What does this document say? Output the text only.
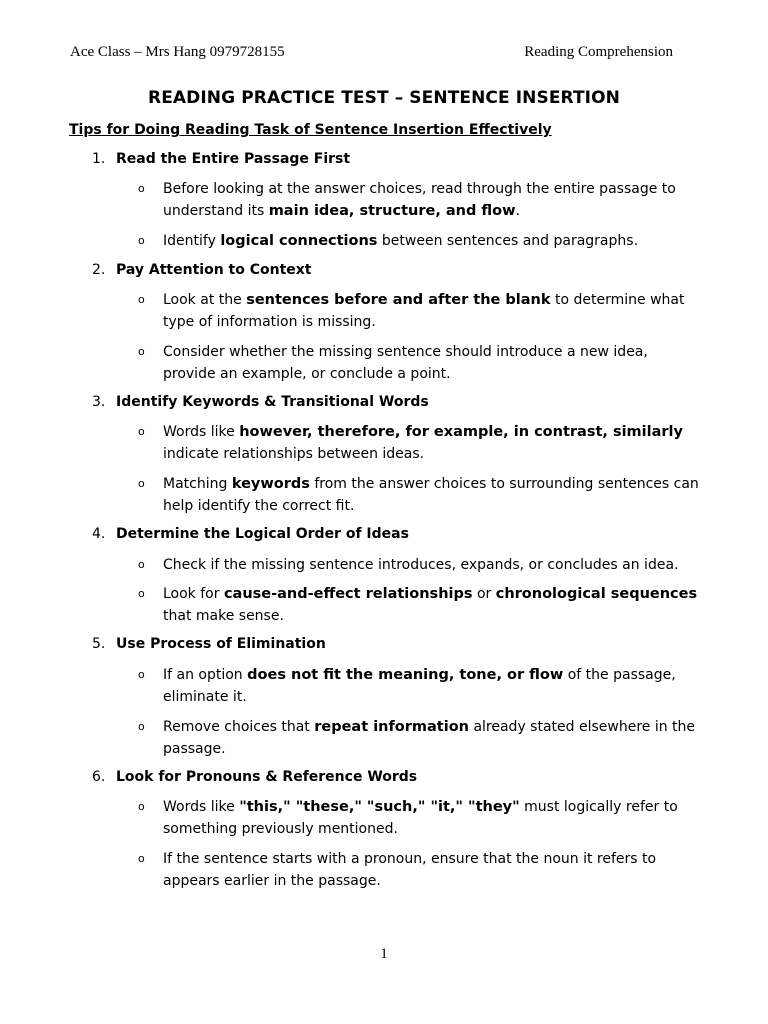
Ace Class – Mrs Hang 0979728155	Reading Comprehension
READING PRACTICE TEST – SENTENCE INSERTION
Tips for Doing Reading Task of Sentence Insertion Effectively
1. Read the Entire Passage First
o Before looking at the answer choices, read through the entire passage to understand its main idea, structure, and flow.
o Identify logical connections between sentences and paragraphs.
2. Pay Attention to Context
o Look at the sentences before and after the blank to determine what type of information is missing.
o Consider whether the missing sentence should introduce a new idea, provide an example, or conclude a point.
3. Identify Keywords & Transitional Words
o Words like however, therefore, for example, in contrast, similarly indicate relationships between ideas.
o Matching keywords from the answer choices to surrounding sentences can help identify the correct fit.
4. Determine the Logical Order of Ideas
o Check if the missing sentence introduces, expands, or concludes an idea.
o Look for cause-and-effect relationships or chronological sequences that make sense.
5. Use Process of Elimination
o If an option does not fit the meaning, tone, or flow of the passage, eliminate it.
o Remove choices that repeat information already stated elsewhere in the passage.
6. Look for Pronouns & Reference Words
o Words like "this," "these," "such," "it," "they" must logically refer to something previously mentioned.
o If the sentence starts with a pronoun, ensure that the noun it refers to appears earlier in the passage.
1
